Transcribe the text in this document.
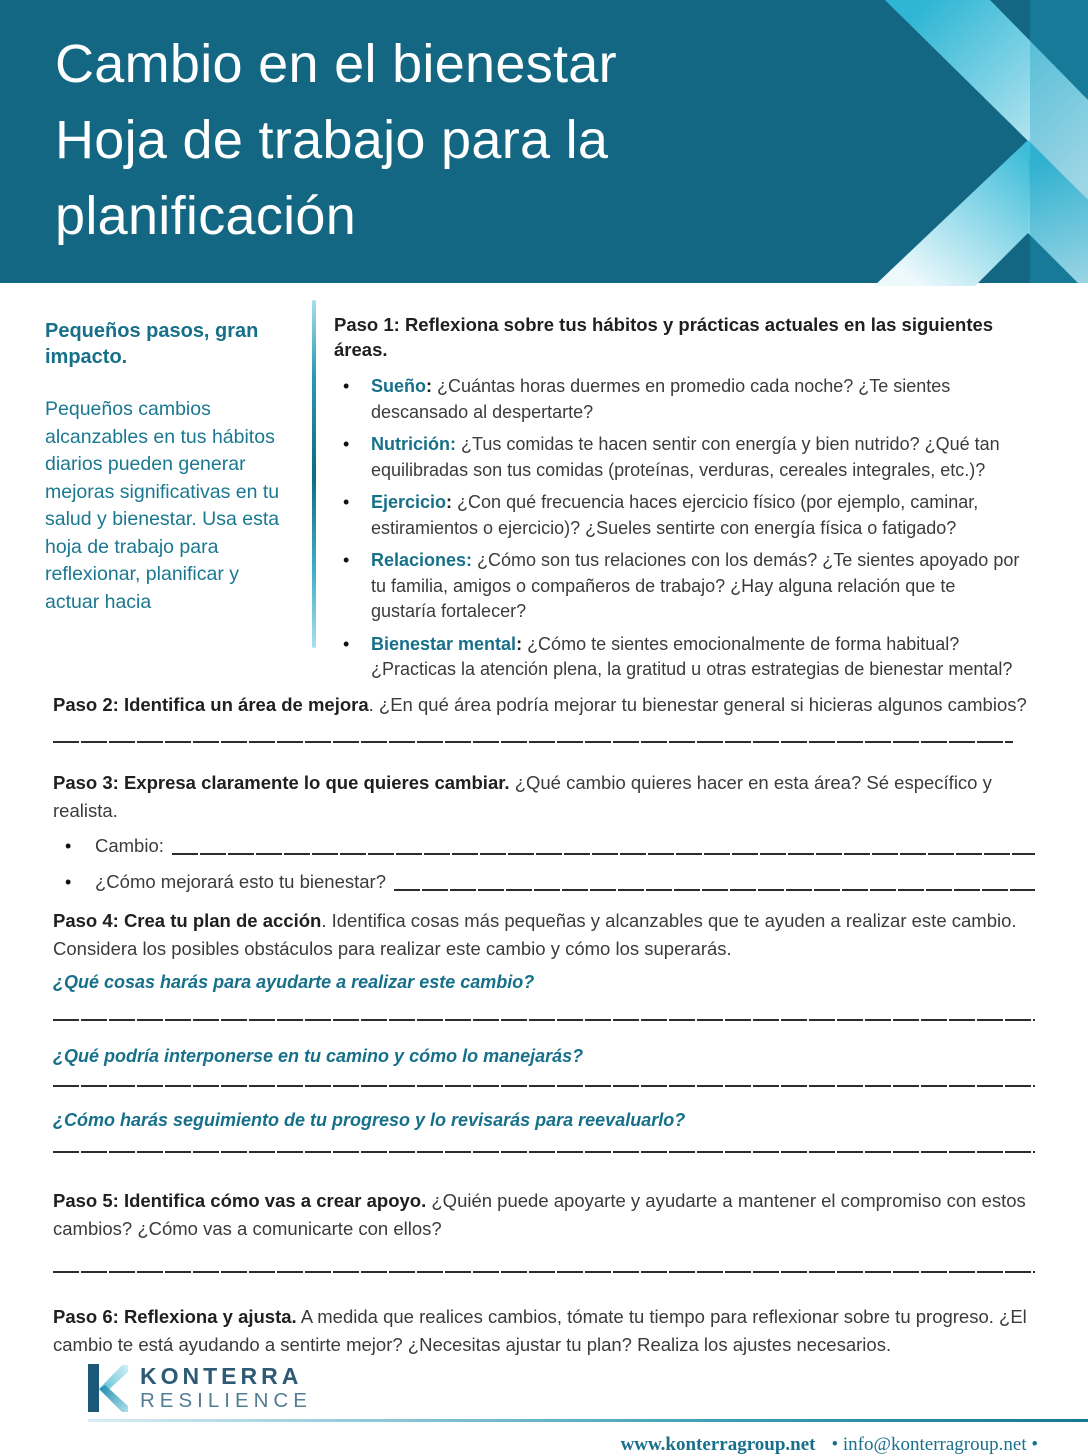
Cambio en el bienestar
Hoja de trabajo para la
planificación
Pequeños pasos, gran impacto.
Pequeños cambios alcanzables en tus hábitos diarios pueden generar mejoras significativas en tu salud y bienestar. Usa esta hoja de trabajo para reflexionar, planificar y actuar hacia
Paso 1: Reflexiona sobre tus hábitos y prácticas actuales en las siguientes áreas.
• Sueño: ¿Cuántas horas duermes en promedio cada noche? ¿Te sientes descansado al despertarte?
• Nutrición: ¿Tus comidas te hacen sentir con energía y bien nutrido? ¿Qué tan equilibradas son tus comidas (proteínas, verduras, cereales integrales, etc.)?
• Ejercicio: ¿Con qué frecuencia haces ejercicio físico (por ejemplo, caminar, estiramientos o ejercicio)? ¿Sueles sentirte con energía física o fatigado?
• Relaciones: ¿Cómo son tus relaciones con los demás? ¿Te sientes apoyado por tu familia, amigos o compañeros de trabajo? ¿Hay alguna relación que te gustaría fortalecer?
• Bienestar mental: ¿Cómo te sientes emocionalmente de forma habitual? ¿Practicas la atención plena, la gratitud u otras estrategias de bienestar mental?

Paso 2: Identifica un área de mejora. ¿En qué área podría mejorar tu bienestar general si hicieras algunos cambios?

Paso 3: Expresa claramente lo que quieres cambiar. ¿Qué cambio quieres hacer en esta área? Sé específico y realista.

• Cambio:
• ¿Cómo mejorará esto tu bienestar?

Paso 4: Crea tu plan de acción. Identifica cosas más pequeñas y alcanzables que te ayuden a realizar este cambio. Considera los posibles obstáculos para realizar este cambio y cómo los superarás.

¿Qué cosas harás para ayudarte a realizar este cambio?

¿Qué podría interponerse en tu camino y cómo lo manejarás?

¿Cómo harás seguimiento de tu progreso y lo revisarás para reevaluarlo?

Paso 5: Identifica cómo vas a crear apoyo. ¿Quién puede apoyarte y ayudarte a mantener el compromiso con estos cambios? ¿Cómo vas a comunicarte con ellos?

Paso 6: Reflexiona y ajusta. A medida que realices cambios, tómate tu tiempo para reflexionar sobre tu progreso. ¿El cambio te está ayudando a sentirte mejor? ¿Necesitas ajustar tu plan? Realiza los ajustes necesarios.

KONTERRA
RESILIENCE
www.konterragroup.net • info@konterragroup.net •
